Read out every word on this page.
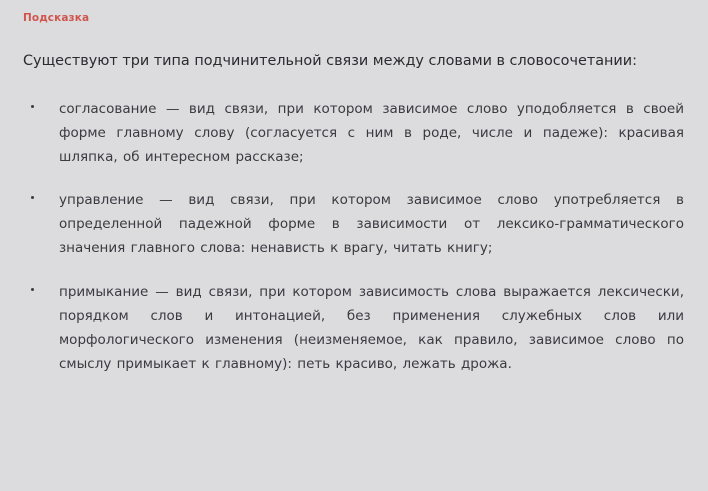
Подсказка

Существуют три типа подчинительной связи между словами в словосочетании:

согласование — вид связи, при котором зависимое слово уподобляется в своей форме главному слову (согласуется с ним в роде, числе и падеже): красивая шляпка, об интересном рассказе;
управление — вид связи, при котором зависимое слово употребляется в определенной падежной форме в зависимости от лексико-грамматического значения главного слова: ненависть к врагу, читать книгу;
примыкание — вид связи, при котором зависимость слова выражается лексически, порядком слов и интонацией, без применения служебных слов или морфологического изменения (неизменяемое, как правило, зависимое слово по смыслу примыкает к главному): петь красиво, лежать дрожа.
